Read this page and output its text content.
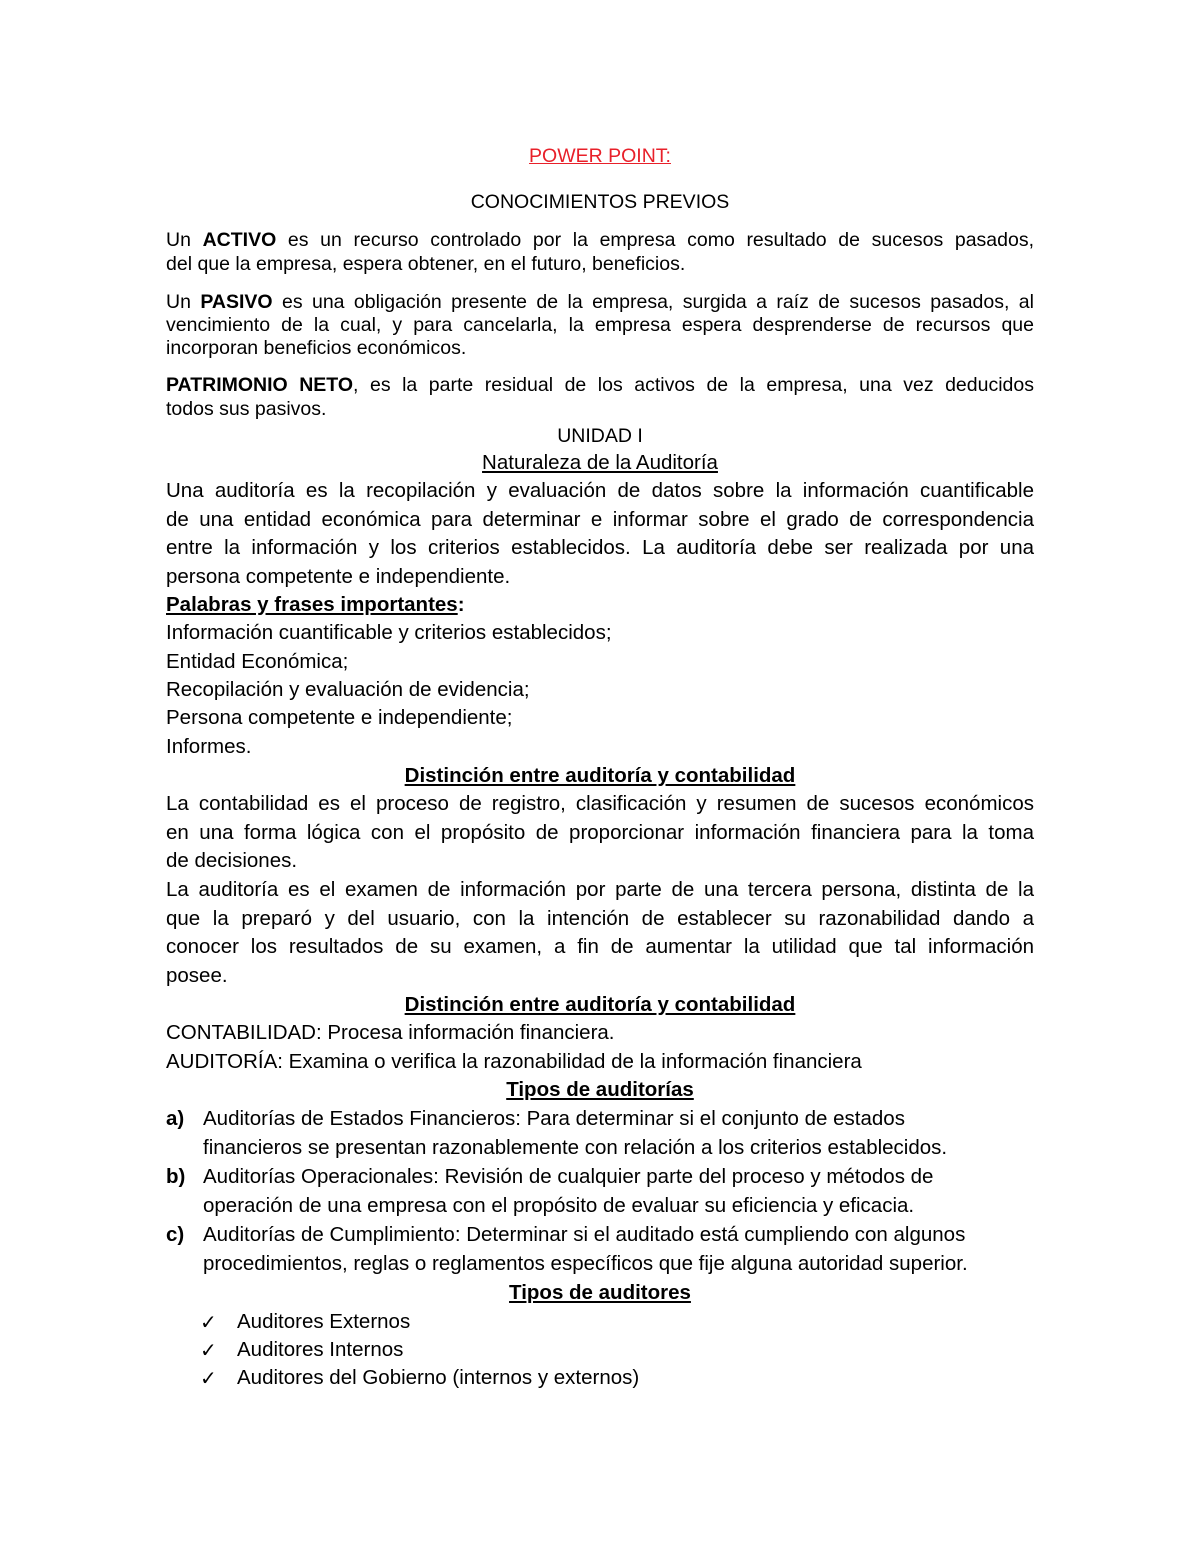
POWER POINT:
CONOCIMIENTOS PREVIOS
Un ACTIVO es un recurso controlado por la empresa como resultado de sucesos pasados,
del que la empresa, espera obtener, en el futuro, beneficios.
Un PASIVO es una obligación presente de la empresa, surgida a raíz de sucesos pasados, al
vencimiento de la cual, y para cancelarla, la empresa espera desprenderse de recursos que
incorporan beneficios económicos.
PATRIMONIO NETO, es la parte residual de los activos de la empresa, una vez deducidos
todos sus pasivos.
UNIDAD I
Naturaleza de la Auditoría
Una auditoría es la recopilación y evaluación de datos sobre la información cuantificable
de una entidad económica para determinar e informar sobre el grado de correspondencia
entre la información y los criterios establecidos. La auditoría debe ser realizada por una
persona competente e independiente.
Palabras y frases importantes:
Información cuantificable y criterios establecidos;
Entidad Económica;
Recopilación y evaluación de evidencia;
Persona competente e independiente;
Informes.
Distinción entre auditoría y contabilidad
La contabilidad es el proceso de registro, clasificación y resumen de sucesos económicos
en una forma lógica con el propósito de proporcionar información financiera para la toma
de decisiones.
La auditoría es el examen de información por parte de una tercera persona, distinta de la
que la preparó y del usuario, con la intención de establecer su razonabilidad dando a
conocer los resultados de su examen, a fin de aumentar la utilidad que tal información
posee.
Distinción entre auditoría y contabilidad
CONTABILIDAD: Procesa información financiera.
AUDITORÍA: Examina o verifica la razonabilidad de la información financiera
Tipos de auditorías
a) Auditorías de Estados Financieros: Para determinar si el conjunto de estados
financieros se presentan razonablemente con relación a los criterios establecidos.
b) Auditorías Operacionales: Revisión de cualquier parte del proceso y métodos de
operación de una empresa con el propósito de evaluar su eficiencia y eficacia.
c) Auditorías de Cumplimiento: Determinar si el auditado está cumpliendo con algunos
procedimientos, reglas o reglamentos específicos que fije alguna autoridad superior.
Tipos de auditores
✓ Auditores Externos
✓ Auditores Internos
✓ Auditores del Gobierno (internos y externos)
